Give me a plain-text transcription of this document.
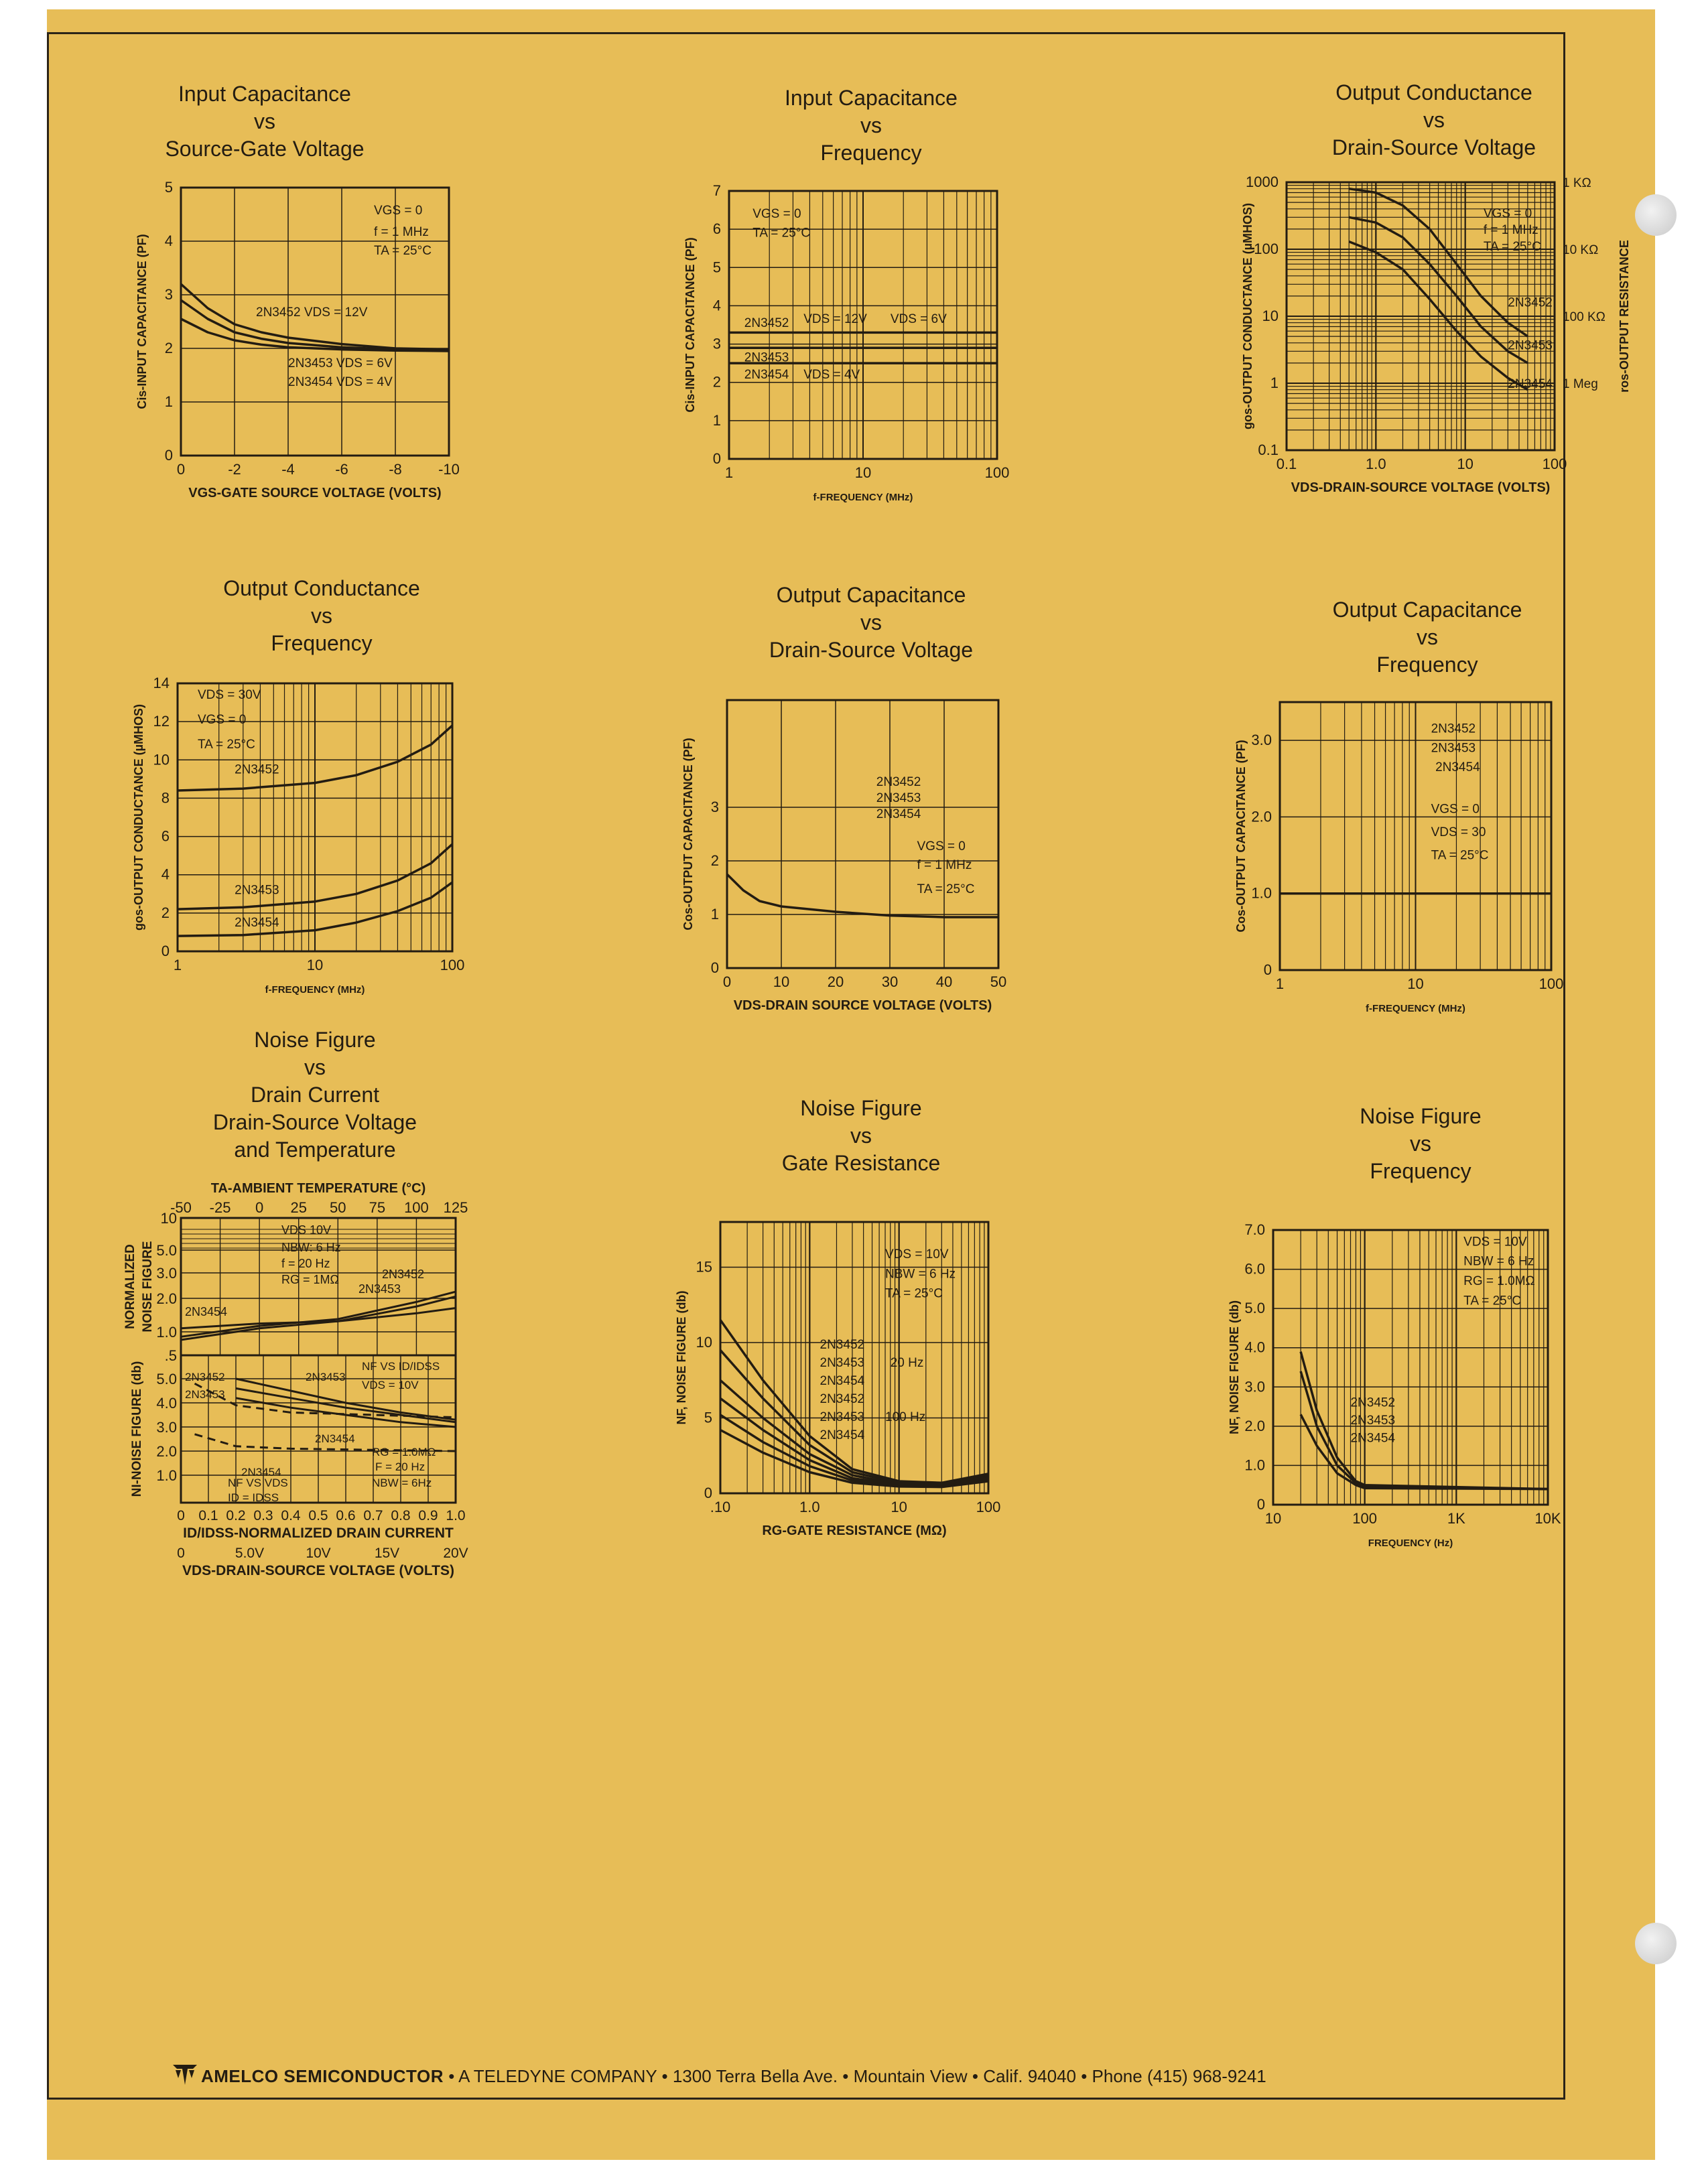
Input Capacitance
vs
Source-Gate Voltage
0	-2	-4	-6	-8 -10
0
1
2
3
4
5
VGS-GATE SOURCE VOLTAGE (VOLTS)
Cis-INPUT CAPACITANCE (PF)
VGS = 0
f = 1 MHz
TA = 25°C
2N3452 VDS = 12V
2N3453 VDS = 6V
2N3454 VDS = 4V
Input Capacitance
vs
Frequency
1	10	100
0
1
2
3
4
5
6
7
f-FREQUENCY (MHz)
Cis-INPUT CAPACITANCE (PF)
VGS = 0
TA = 25°C
2N3452 VDS = 12V VDS = 6V
2N3453
2N3454 VDS = 4V
Output Conductance
vs
Drain-Source Voltage
0.1	1.0	10	100
0.1
1
10
100
1000	1 KΩ
10 KΩ
100 KΩ
1 Meg
VDS-DRAIN-SOURCE VOLTAGE (VOLTS)
gos-OUTPUT CONDUCTANCE (µMHOS)	ros-OUTPUT RESISTANCE
VGS = 0
f = 1 MHz
TA = 25°C
2N3452
2N3453
2N3454
Output Conductance
vs
Frequency
1	10	100
0
2
4
6
8
10
12
14
f-FREQUENCY (MHz)
gos-OUTPUT CONDUCTANCE (µMHOS)
VDS = 30V
VGS = 0
TA = 25°C
2N3452
2N3453
2N3454
Output Capacitance
vs
Drain-Source Voltage
0	10	20	30	40	50
0
1
2
3
VDS-DRAIN SOURCE VOLTAGE (VOLTS)
Cos-OUTPUT CAPACITANCE (PF)	2N3452
2N3453
2N3454
VGS = 0
f = 1 MHz
TA = 25°C
Output Capacitance
vs
Frequency
1	10	100
0
1.0
2.0
3.0
f-FREQUENCY (MHz)
Cos-OUTPUT CAPACITANCE (PF)
2N3452
2N3453
2N3454
VGS = 0
VDS = 30
TA = 25°C
Noise Figure
vs
Gate Resistance
.10	1.0	10	100
0
5
10
15
RG-GATE RESISTANCE (MΩ)
NF, NOISE FIGURE (db)
VDS = 10V
NBW = 6 Hz
TA = 25°C
2N3452
2N3453
2N3454
2N3452
2N3453
2N3454
20 Hz
100 Hz
Noise Figure
vs
Frequency
10	100	1K	10K
0
1.0
2.0
3.0
4.0
5.0
6.0
7.0
FREQUENCY (Hz)
NF, NOISE FIGURE (db)
VDS = 10V
NBW = 6 Hz
RG = 1.0MΩ
TA = 25°C
2N3452
2N3453
2N3454
Noise Figure
vs
Drain Current
Drain-Source Voltage
and Temperature
TA-AMBIENT TEMPERATURE (°C)
-50 -25 0 25 50 75 100 125
10
5.0
3.0
2.0
1.0
.5
VDS 10V
NBW: 6 Hz
f = 20 Hz
RG = 1MΩ	2N3452
2N3453
2N3454
NORMALIZED NOISE FIGURE
5.0
4.0
3.0
2.0
1.0
2N3452
2N3453
2N3454
2N3453
2N3454
NF VS ID/IDSS
VDS = 10V
RG = 1.0MΩ
F = 20 Hz
NBW = 6Hz
NF VS VDS
ID = IDSS
NI-NOISE FIGURE (db)
0 0.1 0.2 0.3 0.4 0.5 0.6 0.7 0.8 0.9 1.0
ID/IDSS-NORMALIZED DRAIN CURRENT
0	5.0V	10V	15V	20V
VDS-DRAIN-SOURCE VOLTAGE (VOLTS)
AMELCO SEMICONDUCTOR • A TELEDYNE COMPANY • 1300 Terra Bella Ave. • Mountain View • Calif. 94040 • Phone (415) 968-9241
